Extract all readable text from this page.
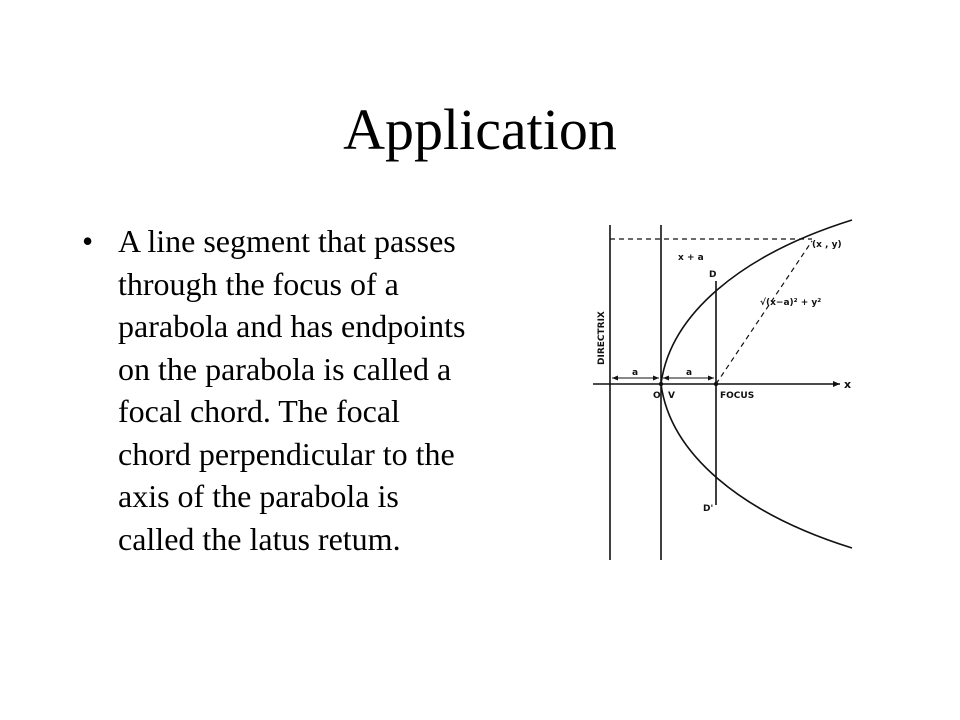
Application
• A line segment that passes
through the focus of a
parabola and has endpoints
on the parabola is called a
focal chord. The focal
chord perpendicular to the
axis of the parabola is
called the latus retum.

DIRECTRIX
x + a
(x , y)
D
√(x−a)² + y²
a	a
x
O V	FOCUS
D'
